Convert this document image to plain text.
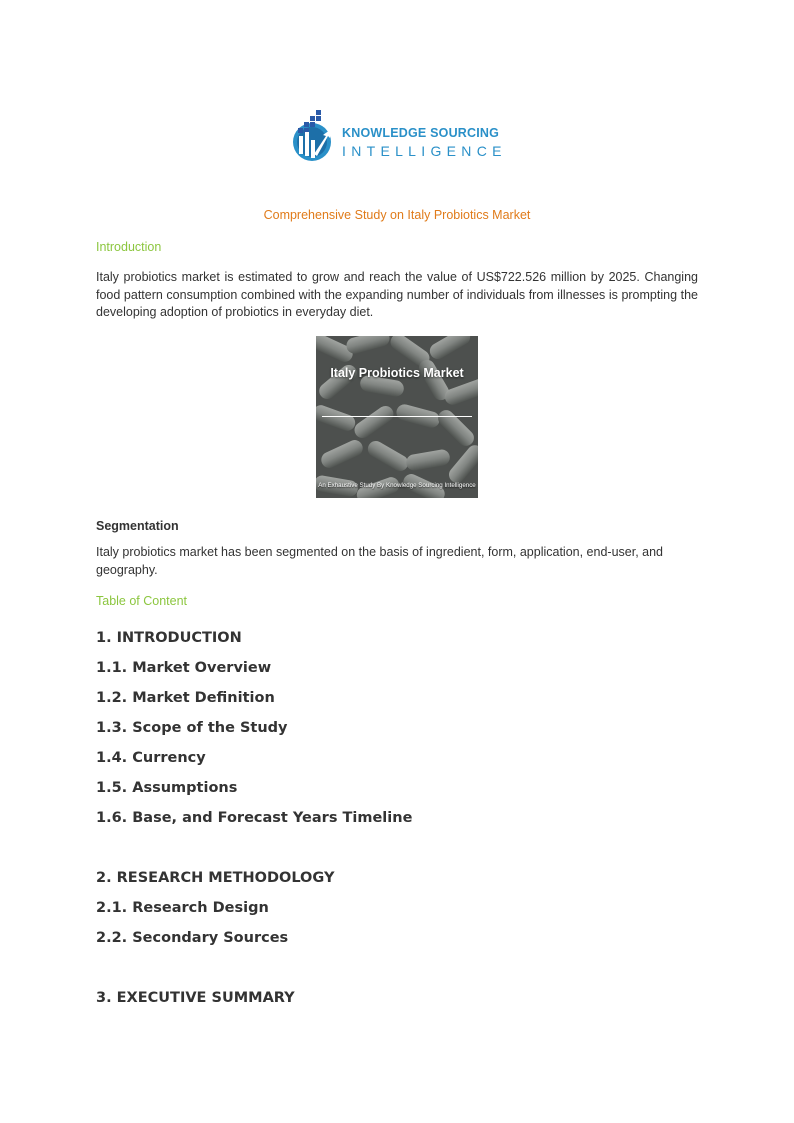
KNOWLEDGE SOURCING
INTELLIGENCE
Comprehensive Study on Italy Probiotics Market
Introduction
Italy probiotics market is estimated to grow and reach the value of US$722.526 million by 2025. Changing food pattern consumption combined with the expanding number of individuals from illnesses is prompting the developing adoption of probiotics in everyday diet.
Italy Probiotics Market
An Exhaustive Study By Knowledge Sourcing Intelligence
Segmentation
Italy probiotics market has been segmented on the basis of ingredient, form, application, end-user, and geography.
Table of Content
1. INTRODUCTION
1.1. Market Overview
1.2. Market Definition
1.3. Scope of the Study
1.4. Currency
1.5. Assumptions
1.6. Base, and Forecast Years Timeline
2. RESEARCH METHODOLOGY
2.1. Research Design
2.2. Secondary Sources
3. EXECUTIVE SUMMARY
